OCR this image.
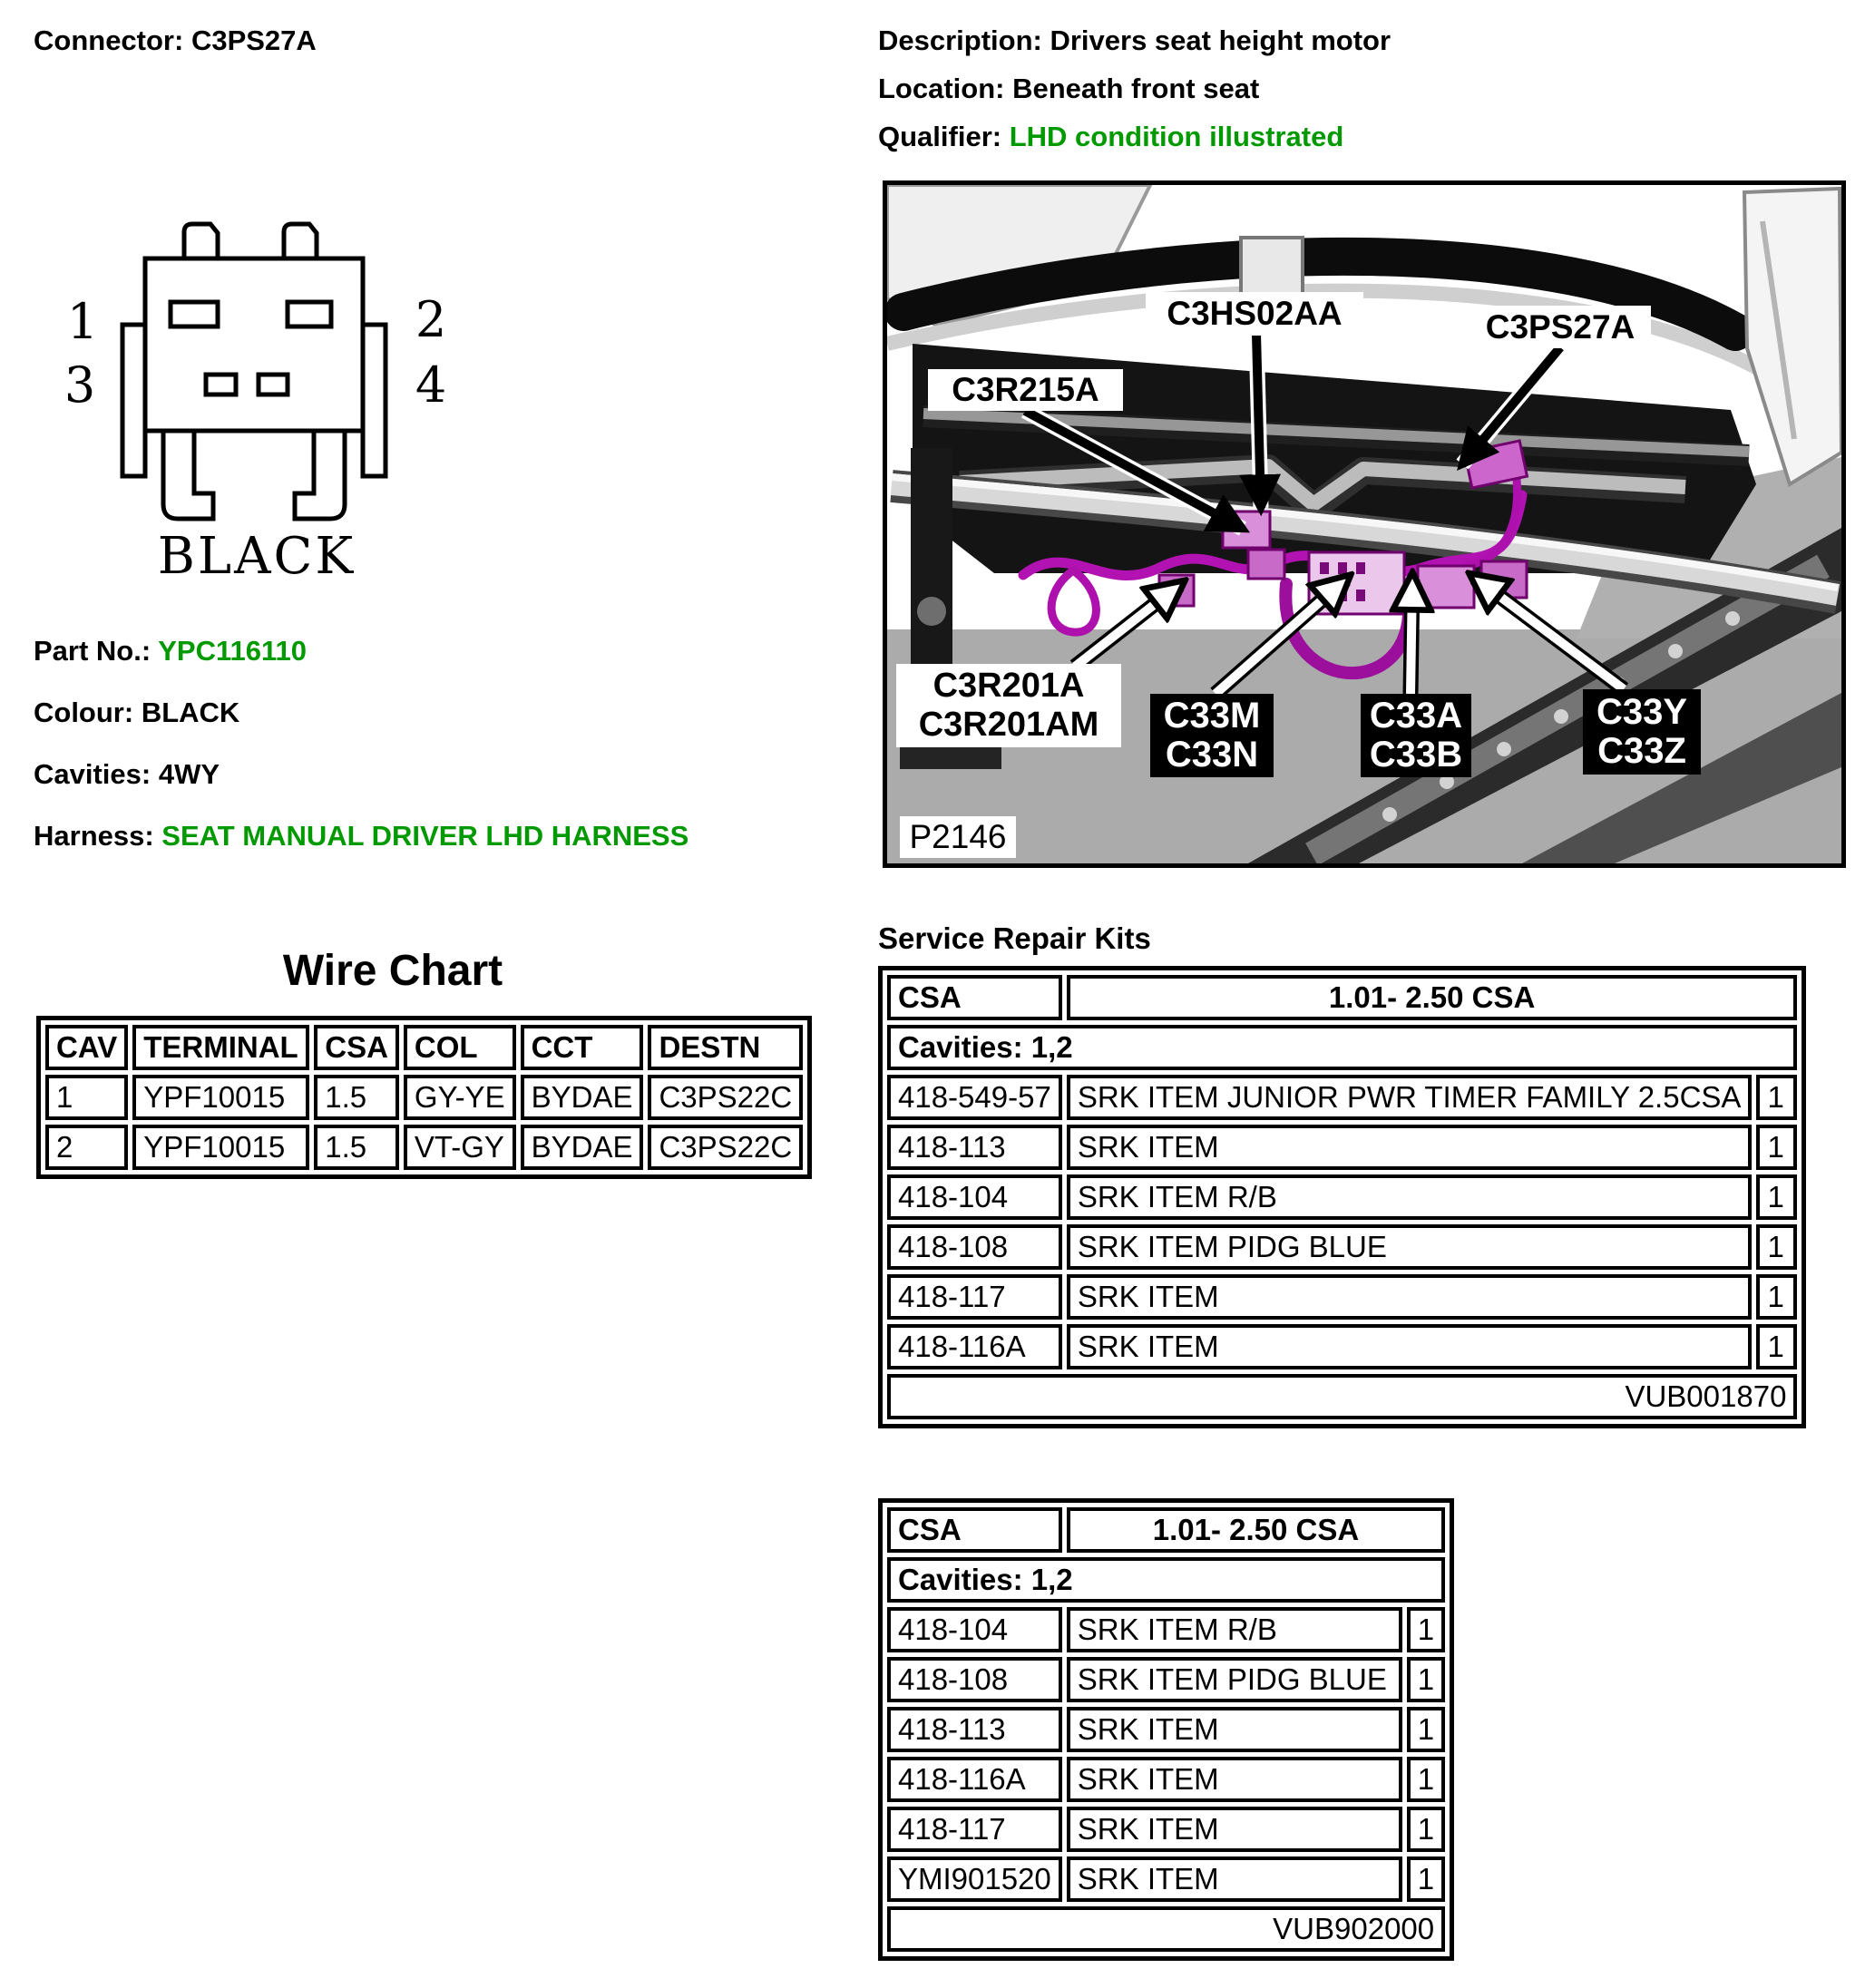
Connector: C3PS27A
1	2
3	4
BLACK
Part No.: YPC116110
Colour: BLACK
Cavities: 4WY
Harness: SEAT MANUAL DRIVER LHD HARNESS
Wire Chart
CAV	TERMINAL	CSA	COL	CCT	DESTN
1	YPF10015	1.5	GY-YE	BYDAE	C3PS22C
2	YPF10015	1.5	VT-GY	BYDAE	C3PS22C
Description: Drivers seat height motor
Location: Beneath front seat
Qualifier: LHD condition illustrated
C3R215A
C3HS02AA	C3PS27A
C3R201A
C3R201AM C33M
C33N
C33A
C33B
C33Y
C33Z
P2146
Service Repair Kits
CSA	1.01- 2.50 CSA	
Cavities: 1,2		
418-549-57	SRK ITEM JUNIOR PWR TIMER FAMILY 2.5CSA	1
418-113	SRK ITEM	1
418-104	SRK ITEM R/B	1
418-108	SRK ITEM PIDG BLUE	1
418-117	SRK ITEM	1
418-116A	SRK ITEM	1
VUB001870		
CSA	1.01- 2.50 CSA	
Cavities: 1,2		
418-104	SRK ITEM R/B	1
418-108	SRK ITEM PIDG BLUE	1
418-113	SRK ITEM	1
418-116A	SRK ITEM	1
418-117	SRK ITEM	1
YMI901520	SRK ITEM	1
VUB902000		
